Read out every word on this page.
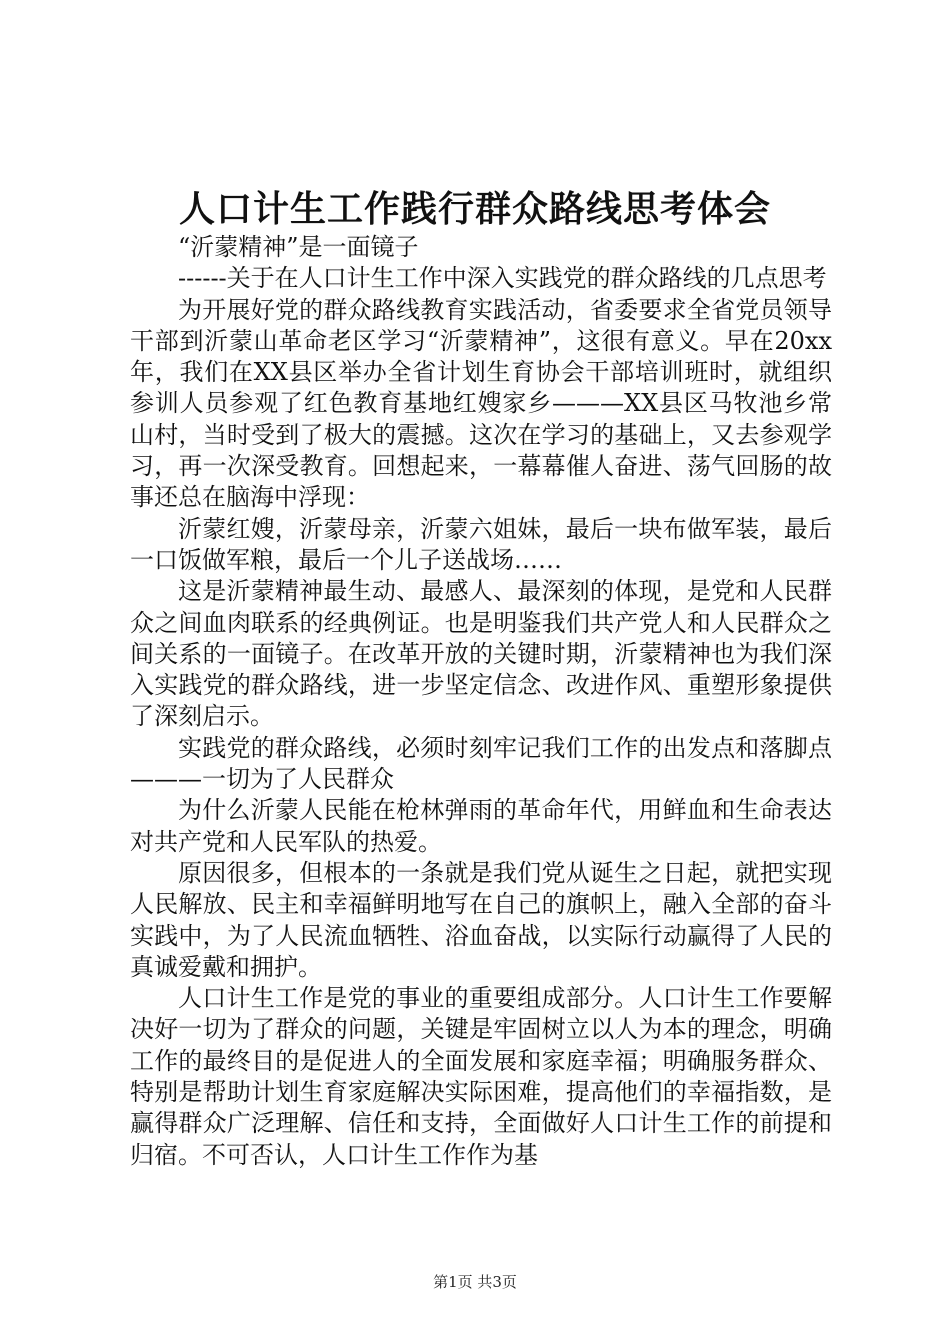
人口计生工作践行群众路线思考体会

“沂蒙精神”是一面镜子

------关于在人口计生工作中深入实践党的群众路线的几点思考

为开展好党的群众路线教育实践活动，省委要求全省党员领导干部到沂蒙山革命老区学习“沂蒙精神”，这很有意义。早在20xx年，我们在XX县区举办全省计划生育协会干部培训班时，就组织参训人员参观了红色教育基地红嫂家乡———XX县区马牧池乡常山村，当时受到了极大的震撼。这次在学习的基础上，又去参观学习，再一次深受教育。回想起来，一幕幕催人奋进、荡气回肠的故事还总在脑海中浮现：

沂蒙红嫂，沂蒙母亲，沂蒙六姐妹，最后一块布做军装，最后一口饭做军粮，最后一个儿子送战场……

这是沂蒙精神最生动、最感人、最深刻的体现，是党和人民群众之间血肉联系的经典例证。也是明鉴我们共产党人和人民群众之间关系的一面镜子。在改革开放的关键时期，沂蒙精神也为我们深入实践党的群众路线，进一步坚定信念、改进作风、重塑形象提供了深刻启示。

实践党的群众路线，必须时刻牢记我们工作的出发点和落脚点———一切为了人民群众

为什么沂蒙人民能在枪林弹雨的革命年代，用鲜血和生命表达对共产党和人民军队的热爱。

原因很多，但根本的一条就是我们党从诞生之日起，就把实现人民解放、民主和幸福鲜明地写在自己的旗帜上，融入全部的奋斗实践中，为了人民流血牺牲、浴血奋战，以实际行动赢得了人民的真诚爱戴和拥护。

人口计生工作是党的事业的重要组成部分。人口计生工作要解决好一切为了群众的问题，关键是牢固树立以人为本的理念，明确工作的最终目的是促进人的全面发展和家庭幸福；明确服务群众、特别是帮助计划生育家庭解决实际困难，提高他们的幸福指数，是赢得群众广泛理解、信任和支持，全面做好人口计生工作的前提和归宿。不可否认，人口计生工作作为基

第1页 共3页
